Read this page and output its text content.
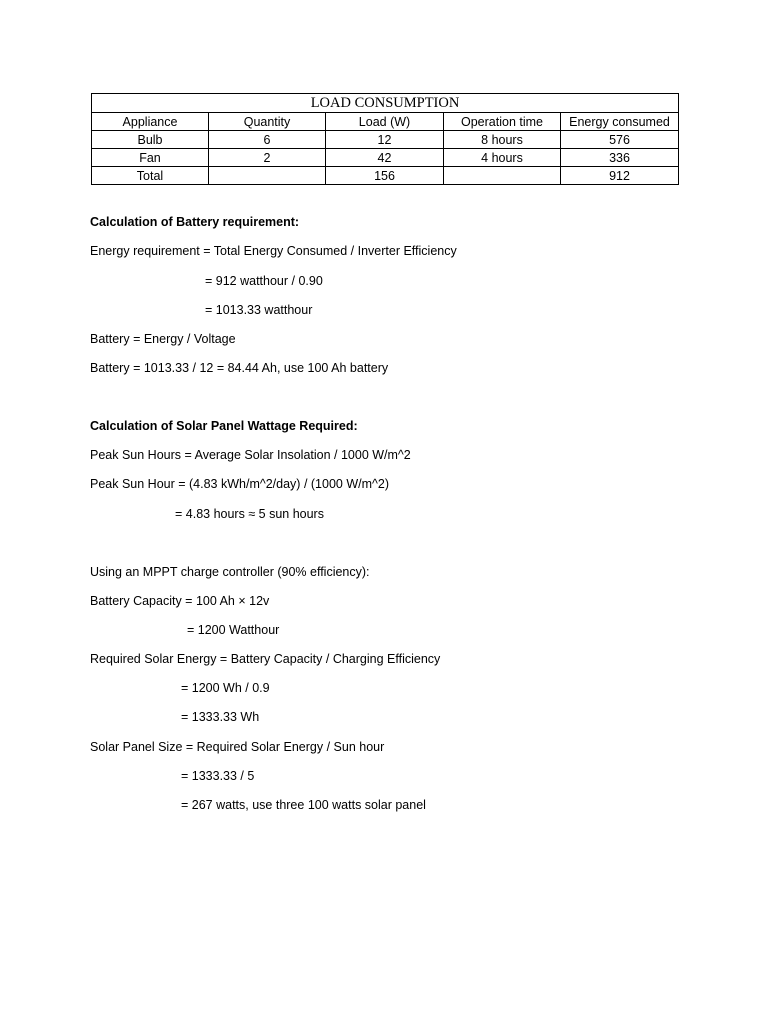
LOAD CONSUMPTION				
Appliance	Quantity	Load (W)	Operation time	Energy consumed
Bulb	6	12	8 hours	576
Fan	2	42	4 hours	336
Total		156		912
Calculation of Battery requirement:
Energy requirement = Total Energy Consumed / Inverter Efficiency
= 912 watthour / 0.90
= 1013.33 watthour
Battery = Energy / Voltage
Battery = 1013.33 / 12 = 84.44 Ah, use 100 Ah battery
Calculation of Solar Panel Wattage Required:
Peak Sun Hours = Average Solar Insolation / 1000 W/m^2
Peak Sun Hour = (4.83 kWh/m^2/day) / (1000 W/m^2)
= 4.83 hours ≈ 5 sun hours
Using an MPPT charge controller (90% efficiency):
Battery Capacity = 100 Ah × 12v
= 1200 Watthour
Required Solar Energy = Battery Capacity / Charging Efficiency
= 1200 Wh / 0.9
= 1333.33 Wh
Solar Panel Size = Required Solar Energy / Sun hour
= 1333.33 / 5
= 267 watts, use three 100 watts solar panel
